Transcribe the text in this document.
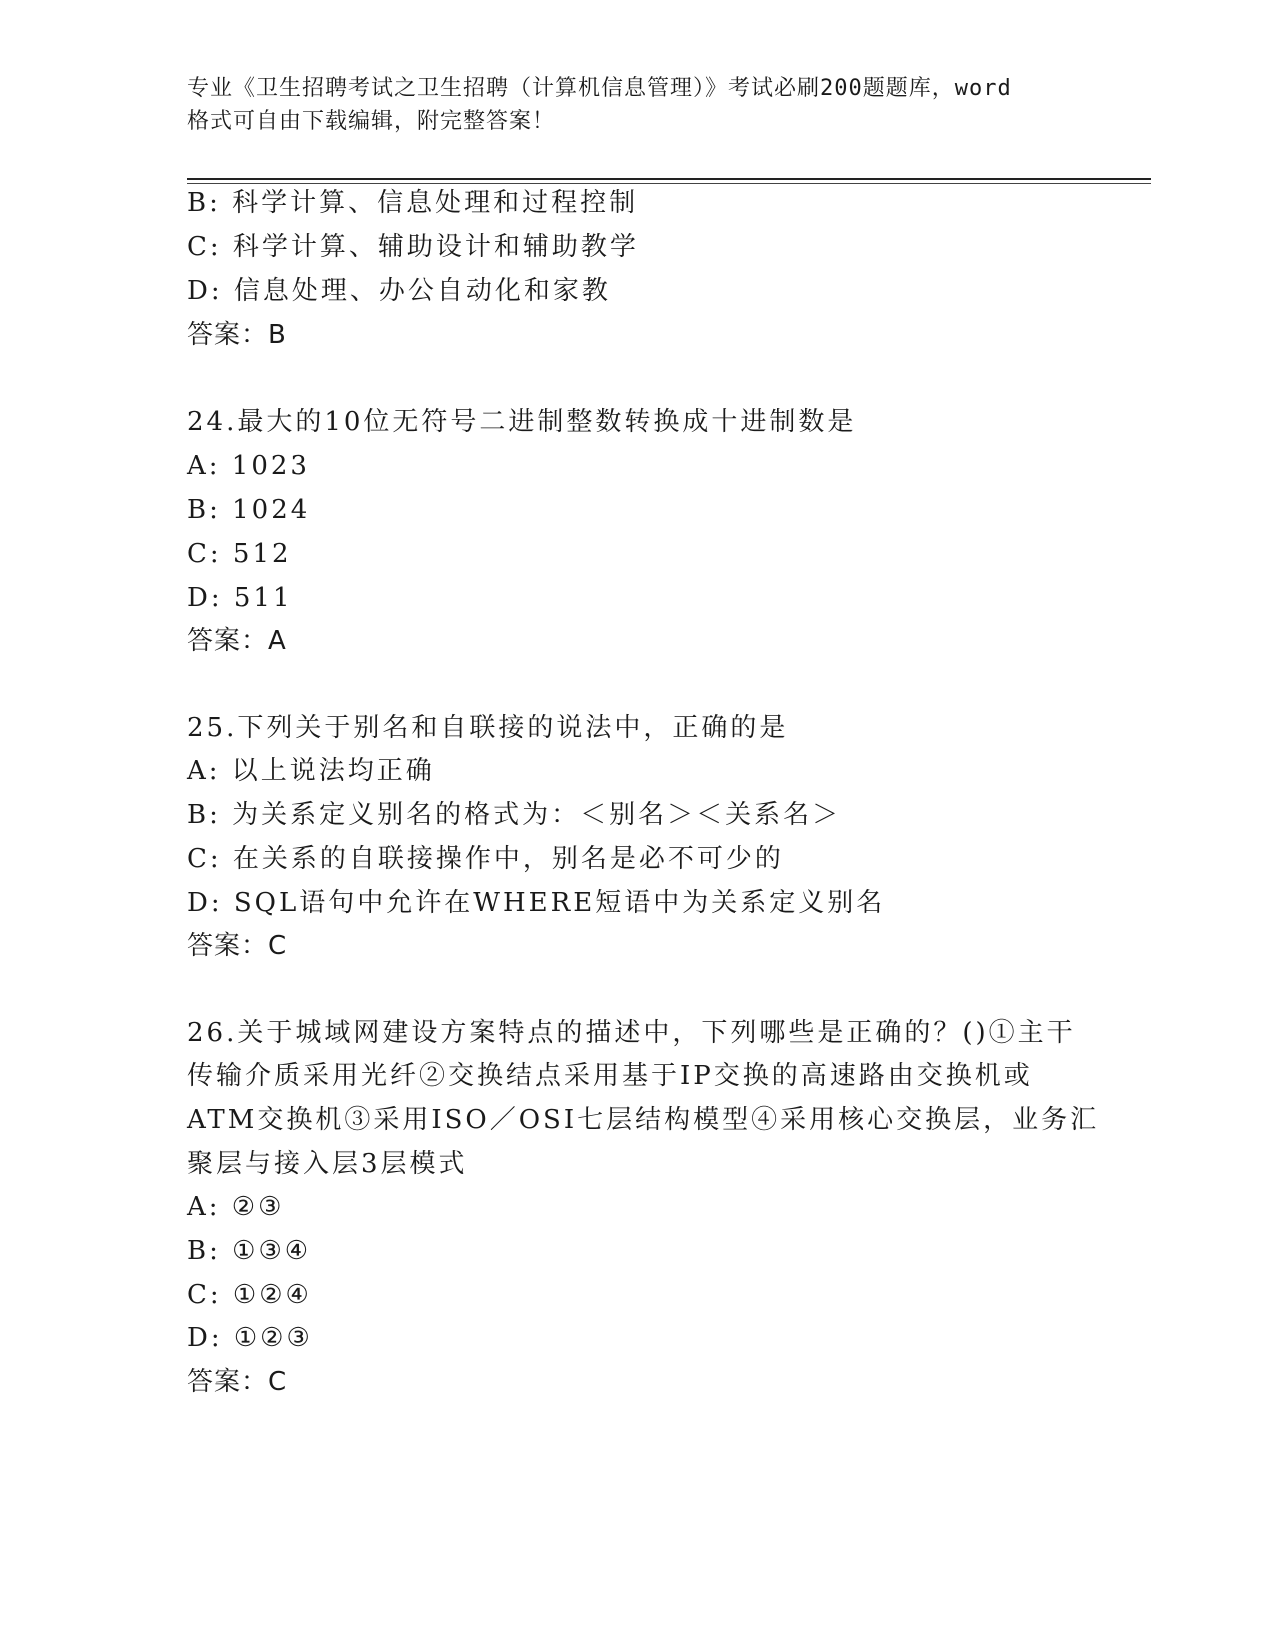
专业《卫生招聘考试之卫生招聘（计算机信息管理）》考试必刷200题题库，word
格式可自由下载编辑，附完整答案！
B: 科学计算、信息处理和过程控制
C: 科学计算、辅助设计和辅助教学
D: 信息处理、办公自动化和家教
答案：B
24.最大的10位无符号二进制整数转换成十进制数是
A: 1023
B: 1024
C: 512
D: 511
答案：A
25.下列关于别名和自联接的说法中，正确的是
A: 以上说法均正确
B: 为关系定义别名的格式为：＜别名＞＜关系名＞
C: 在关系的自联接操作中，别名是必不可少的
D: SQL语句中允许在WHERE短语中为关系定义别名
答案：C
26.关于城域网建设方案特点的描述中，下列哪些是正确的？()①主干
传输介质采用光纤②交换结点采用基于IP交换的高速路由交换机或
ATM交换机③采用ISO／OSI七层结构模型④采用核心交换层，业务汇
聚层与接入层3层模式
A: ②③
B: ①③④
C: ①②④
D: ①②③
答案：C
